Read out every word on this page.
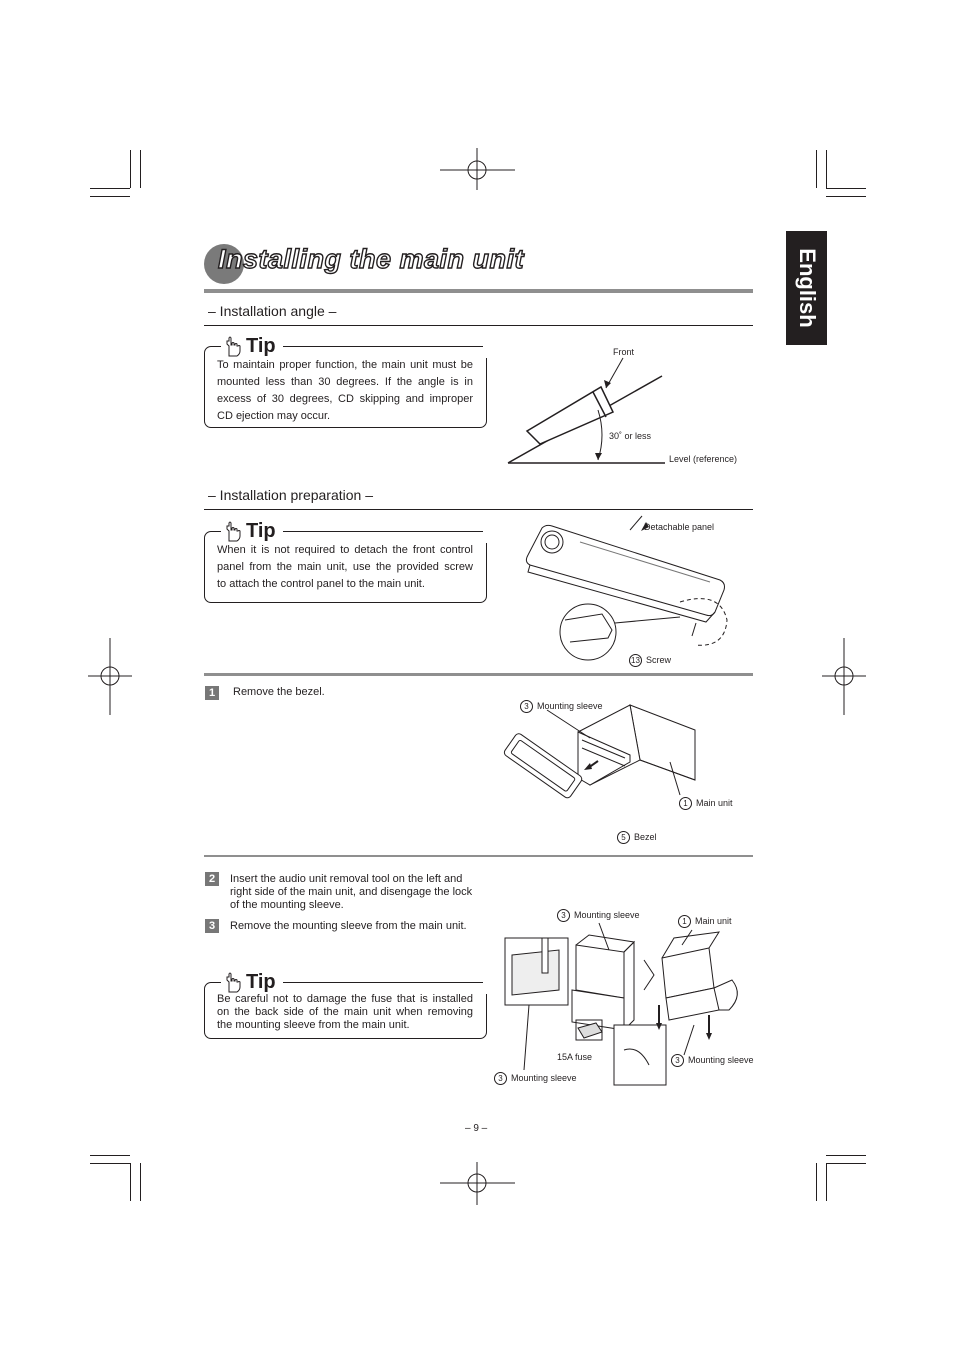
English
Installing the main unit
– Installation angle –
Tip
To maintain proper function, the main unit must be
mounted less than 30 degrees. If the angle is in
excess of 30 degrees, CD skipping and improper
CD ejection may occur.
Front
30˚ or less
Level (reference)
– Installation preparation –
Tip
When it is not required to detach the front control
panel from the main unit, use the provided screw
to attach the control panel to the main unit.
Detachable panel
13 Screw
1	Remove the bezel.
3 Mounting sleeve
1 Main unit
5 Bezel
2	Insert the audio unit removal tool on the left and
right side of the main unit, and disengage the lock
of the mounting sleeve.
3	Remove the mounting sleeve from the main unit.
Tip
Be careful not to damage the fuse that is installed
on the back side of the main unit when removing
the mounting sleeve from the main unit.
3 Mounting sleeve
1 Main unit
15A fuse	3 Mounting sleeve
3 Mounting sleeve
– 9 –
